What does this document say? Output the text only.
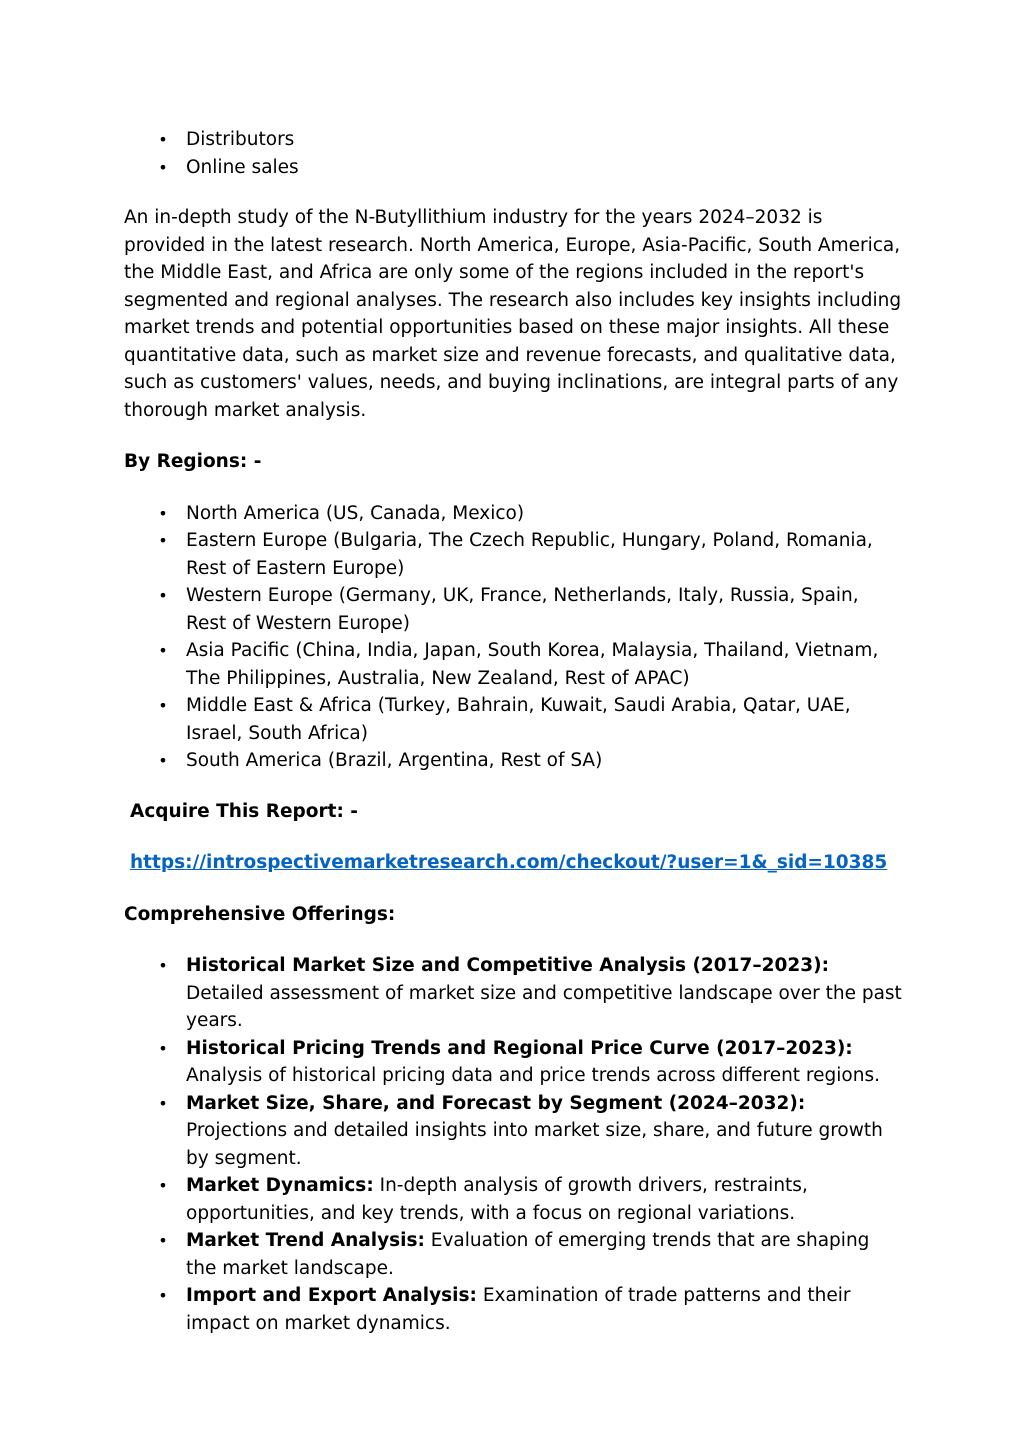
• Distributors
• Online sales

An in-depth study of the N-Butyllithium industry for the years 2024–2032 is provided in the latest research. North America, Europe, Asia-Pacific, South America, the Middle East, and Africa are only some of the regions included in the report's segmented and regional analyses. The research also includes key insights including market trends and potential opportunities based on these major insights. All these quantitative data, such as market size and revenue forecasts, and qualitative data, such as customers' values, needs, and buying inclinations, are integral parts of any thorough market analysis.

By Regions: -

• North America (US, Canada, Mexico)
• Eastern Europe (Bulgaria, The Czech Republic, Hungary, Poland, Romania, Rest of Eastern Europe)
• Western Europe (Germany, UK, France, Netherlands, Italy, Russia, Spain, Rest of Western Europe)
• Asia Pacific (China, India, Japan, South Korea, Malaysia, Thailand, Vietnam, The Philippines, Australia, New Zealand, Rest of APAC)
• Middle East & Africa (Turkey, Bahrain, Kuwait, Saudi Arabia, Qatar, UAE, Israel, South Africa)
• South America (Brazil, Argentina, Rest of SA)

Acquire This Report: -

https://introspectivemarketresearch.com/checkout/?user=1&_sid=10385

Comprehensive Offerings:

• Historical Market Size and Competitive Analysis (2017–2023): Detailed assessment of market size and competitive landscape over the past years.
• Historical Pricing Trends and Regional Price Curve (2017–2023): Analysis of historical pricing data and price trends across different regions.
• Market Size, Share, and Forecast by Segment (2024–2032): Projections and detailed insights into market size, share, and future growth by segment.
• Market Dynamics: In-depth analysis of growth drivers, restraints, opportunities, and key trends, with a focus on regional variations.
• Market Trend Analysis: Evaluation of emerging trends that are shaping the market landscape.
• Import and Export Analysis: Examination of trade patterns and their impact on market dynamics.
